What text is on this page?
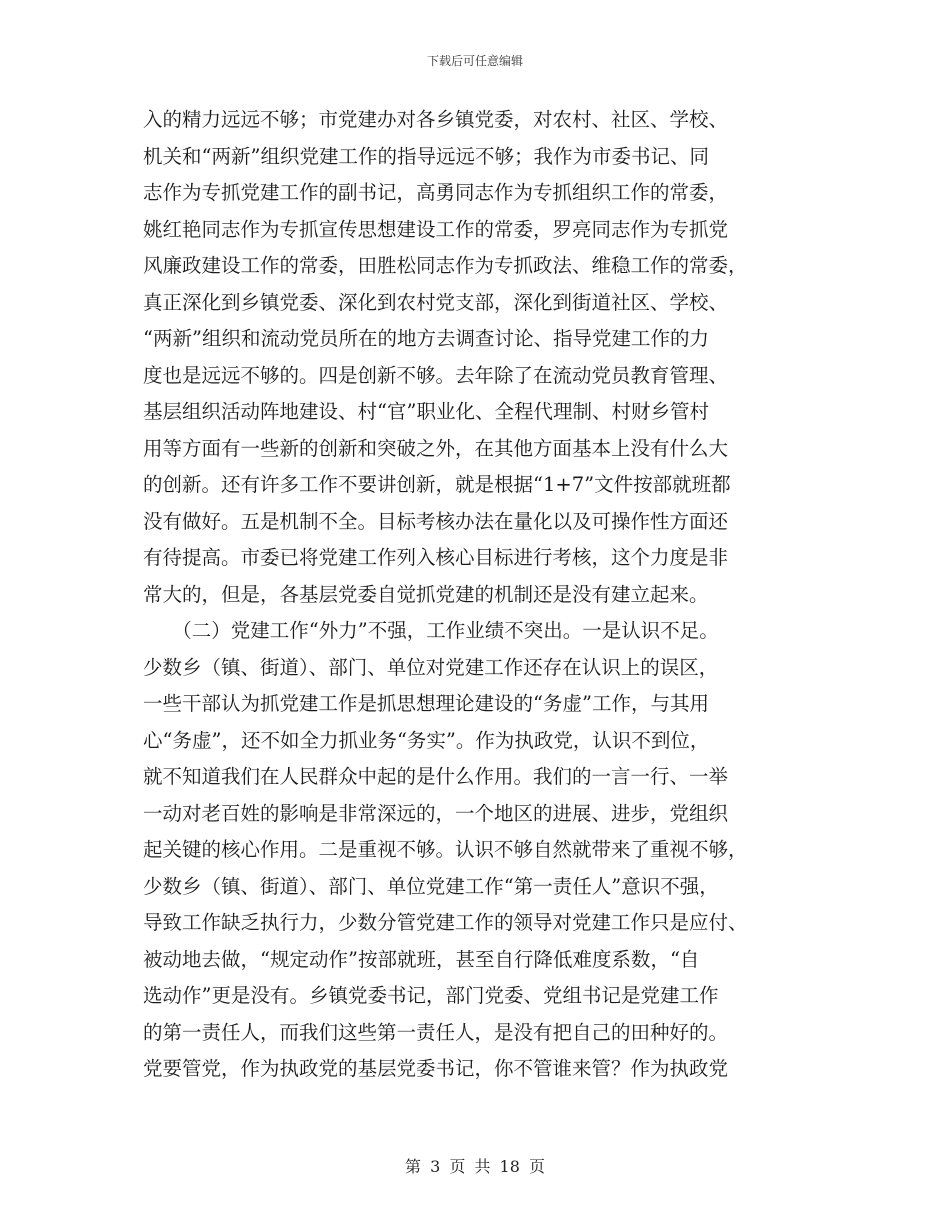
下载后可任意编辑
入的精力远远不够；市党建办对各乡镇党委，对农村、社区、学校、
机关和“两新”组织党建工作的指导远远不够；我作为市委书记、同
志作为专抓党建工作的副书记，高勇同志作为专抓组织工作的常委，
姚红艳同志作为专抓宣传思想建设工作的常委，罗亮同志作为专抓党
风廉政建设工作的常委，田胜松同志作为专抓政法、维稳工作的常委，
真正深化到乡镇党委、深化到农村党支部，深化到街道社区、学校、
“两新”组织和流动党员所在的地方去调查讨论、指导党建工作的力
度也是远远不够的。四是创新不够。去年除了在流动党员教育管理、
基层组织活动阵地建设、村“官”职业化、全程代理制、村财乡管村
用等方面有一些新的创新和突破之外，在其他方面基本上没有什么大
的创新。还有许多工作不要讲创新，就是根据“1+7”文件按部就班都
没有做好。五是机制不全。目标考核办法在量化以及可操作性方面还
有待提高。市委已将党建工作列入核心目标进行考核，这个力度是非
常大的，但是，各基层党委自觉抓党建的机制还是没有建立起来。
　　（二）党建工作“外力”不强，工作业绩不突出。一是认识不足。
少数乡（镇、街道）、部门、单位对党建工作还存在认识上的误区，
一些干部认为抓党建工作是抓思想理论建设的“务虚”工作，与其用
心“务虚”，还不如全力抓业务“务实”。作为执政党，认识不到位，
就不知道我们在人民群众中起的是什么作用。我们的一言一行、一举
一动对老百姓的影响是非常深远的，一个地区的进展、进步，党组织
起关键的核心作用。二是重视不够。认识不够自然就带来了重视不够，
少数乡（镇、街道）、部门、单位党建工作“第一责任人”意识不强，
导致工作缺乏执行力，少数分管党建工作的领导对党建工作只是应付、
被动地去做，“规定动作”按部就班，甚至自行降低难度系数，“自
选动作”更是没有。乡镇党委书记，部门党委、党组书记是党建工作
的第一责任人，而我们这些第一责任人，是没有把自己的田种好的。
党要管党，作为执政党的基层党委书记，你不管谁来管？作为执政党
第 3 页 共 18 页
